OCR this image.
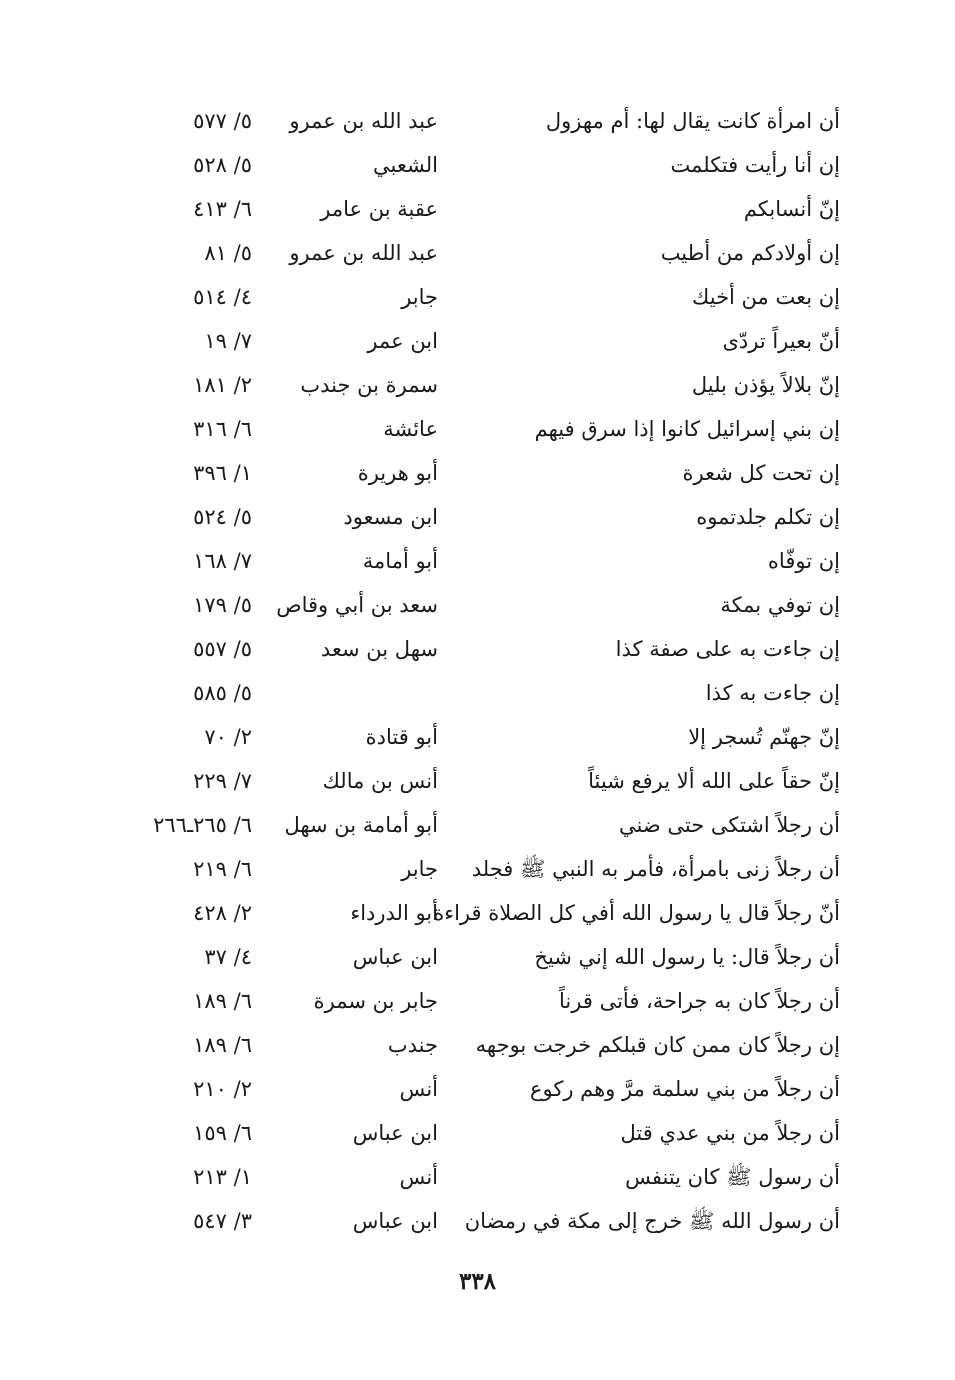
أن امرأة كانت يقال لها: أم مهزول
عبد الله بن عمرو
٥/ ٥٧٧
إن أنا رأيت فتكلمت
الشعبي
٥/ ٥٢٨
إنّ أنسابكم
عقبة بن عامر
٦/ ٤١٣
إن أولادكم من أطيب
عبد الله بن عمرو
٥/ ٨١
إن بعت من أخيك
جابر
٤/ ٥١٤
أنّ بعيراً تردّى
ابن عمر
٧/ ١٩
إنّ بلالاً يؤذن بليل
سمرة بن جندب
٢/ ١٨١
إن بني إسرائيل كانوا إذا سرق فيهم
عائشة
٦/ ٣١٦
إن تحت كل شعرة
أبو هريرة
١/ ٣٩٦
إن تكلم جلدتموه
ابن مسعود
٥/ ٥٢٤
إن توفّاه
أبو أمامة
٧/ ١٦٨
إن توفي بمكة
سعد بن أبي وقاص
٥/ ١٧٩
إن جاءت به على صفة كذا
سهل بن سعد
٥/ ٥٥٧
إن جاءت به كذا
٥/ ٥٨٥
إنّ جهنّم تُسجر إلا
أبو قتادة
٢/ ٧٠
إنّ حقاً على الله ألا يرفع شيئاً
أنس بن مالك
٧/ ٢٢٩
أن رجلاً اشتكى حتى ضني
أبو أمامة بن سهل
٦/ ٢٦٥ـ٢٦٦
أن رجلاً زنى بامرأة، فأمر به النبي ﷺ فجلد
جابر
٦/ ٢١٩
أنّ رجلاً قال يا رسول الله أفي كل الصلاة قراءة
أبو الدرداء
٢/ ٤٢٨
أن رجلاً قال: يا رسول الله إني شيخ
ابن عباس
٤/ ٣٧
أن رجلاً كان به جراحة، فأتى قرناً
جابر بن سمرة
٦/ ١٨٩
إن رجلاً كان ممن كان قبلكم خرجت بوجهه
جندب
٦/ ١٨٩
أن رجلاً من بني سلمة مرَّ وهم ركوع
أنس
٢/ ٢١٠
أن رجلاً من بني عدي قتل
ابن عباس
٦/ ١٥٩
أن رسول ﷺ كان يتنفس
أنس
١/ ٢١٣
أن رسول الله ﷺ خرج إلى مكة في رمضان
ابن عباس
٣/ ٥٤٧
٣٣٨
